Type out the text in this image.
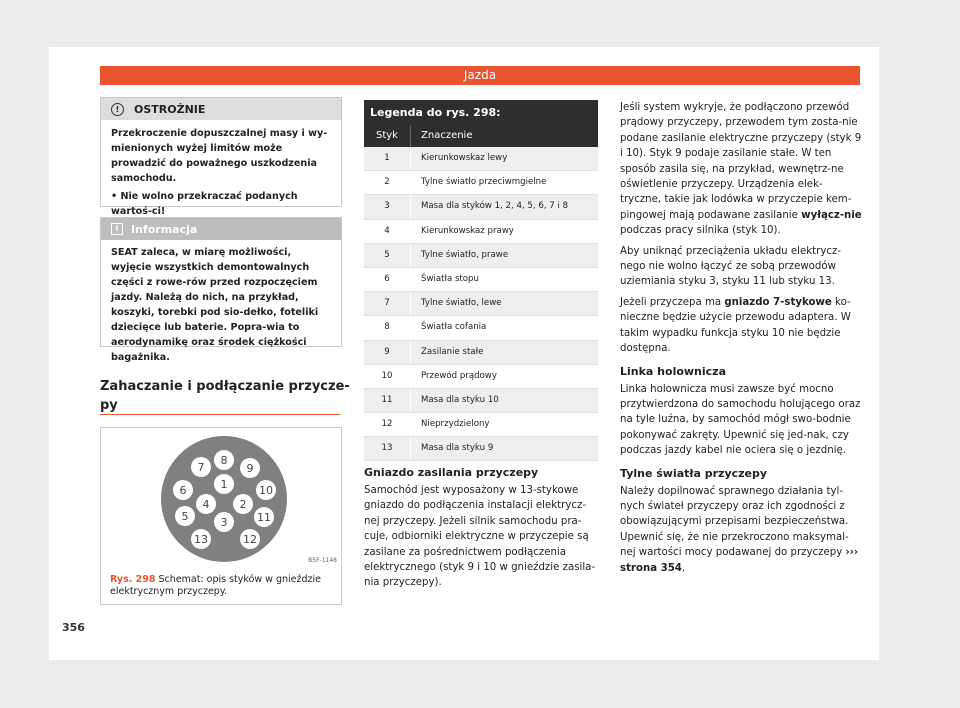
Jazda
!	OSTROŻNIE
Przekroczenie dopuszczalnej masy i wy-mienionych wyżej limitów może prowadzić do poważnego uszkodzenia samochodu.
• Nie wolno przekraczać podanych wartoś-ci!
i	Informacja
SEAT zaleca, w miarę możliwości, wyjęcie wszystkich demontowalnych części z rowe-rów przed rozpoczęciem jazdy. Należą do nich, na przykład, koszyki, torebki pod sio-dełko, foteliki dziecięce lub baterie. Popra-wia to aerodynamikę oraz środek ciężkości bagażnika.
Zahaczanie i podłączanie przycze-py
1
2
3
4
5
6
7
8
9
10
11
12
13
B5F-1148
Rys. 298 Schemat: opis styków w gnieździe elektrycznym przyczepy.
Legenda do rys. 298:
Styk	Znaczenie
1	Kierunkowskaz lewy
2	Tylne światło przeciwmgielne
3	Masa dla styków 1, 2, 4, 5, 6, 7 i 8
4	Kierunkowskaz prawy
5	Tylne światło, prawe
6	Światła stopu
7	Tylne światło, lewe
8	Światła cofania
9	Zasilanie stałe
10	Przewód prądowy
11	Masa dla styku 10
12	Nieprzydzielony
13	Masa dla styku 9
Gniazdo zasilania przyczepy
Samochód jest wyposażony w 13-stykowe gniazdo do podłączenia instalacji elektrycz-nej przyczepy. Jeżeli silnik samochodu pra-cuje, odbiorniki elektryczne w przyczepie są zasilane za pośrednictwem podłączenia elektrycznego (styk 9 i 10 w gnieździe zasila-nia przyczepy).
Jeśli system wykryje, że podłączono przewód prądowy przyczepy, przewodem tym zosta-nie podane zasilanie elektryczne przyczepy (styk 9 i 10). Styk 9 podaje zasilanie stałe. W ten sposób zasila się, na przykład, wewnętrz-ne oświetlenie przyczepy. Urządzenia elek-tryczne, takie jak lodówka w przyczepie kem-pingowej mają podawane zasilanie wyłącz-nie podczas pracy silnika (styk 10).
Aby uniknąć przeciążenia układu elektrycz-nego nie wolno łączyć ze sobą przewodów uziemiania styku 3, styku 11 lub styku 13.
Jeżeli przyczepa ma gniazdo 7-stykowe ko-nieczne będzie użycie przewodu adaptera. W takim wypadku funkcja styku 10 nie będzie dostępna.
Linka holownicza
Linka holownicza musi zawsze być mocno przytwierdzona do samochodu holującego oraz na tyle luźna, by samochód mógł swo-bodnie pokonywać zakręty. Upewnić się jed-nak, czy podczas jazdy kabel nie ociera się o jezdnię.
Tylne światła przyczepy
Należy dopilnować sprawnego działania tyl-nych świateł przyczepy oraz ich zgodności z obowiązującymi przepisami bezpieczeństwa. Upewnić się, że nie przekroczono maksymal-nej wartości mocy podawanej do przyczepy ››› strona 354.
356
